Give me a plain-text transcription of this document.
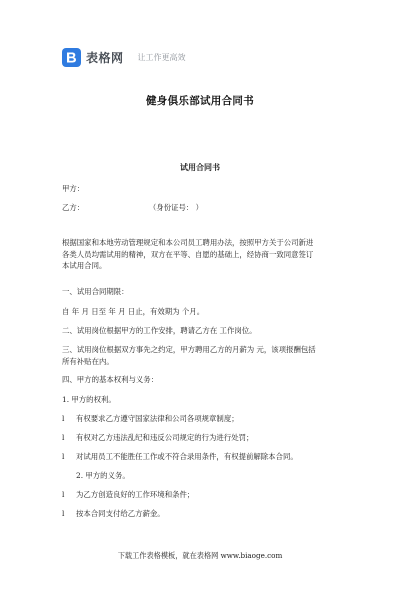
表格网 让工作更高效
健身俱乐部试用合同书
试用合同书
甲方：
乙方：	（身份证号： ）
根据国家和本地劳动管理规定和本公司员工聘用办法，按照甲方关于公司新进
各类人员均需试用的精神，双方在平等、自愿的基础上，经协商一致同意签订
本试用合同。
一、试用合同期限：
自 年 月 日至 年 月 日止，有效期为 个月。
二、试用岗位根据甲方的工作安排，聘请乙方在 工作岗位。
三、试用岗位根据双方事先之约定，甲方聘用乙方的月薪为 元，该项报酬包括
所有补贴在内。
四、甲方的基本权利与义务：
1. 甲方的权利。
l 有权要求乙方遵守国家法律和公司各项规章制度；
l 有权对乙方违法乱纪和违反公司规定的行为进行处罚；
l 对试用员工不能胜任工作或不符合录用条件，有权提前解除本合同。
2. 甲方的义务。
l 为乙方创造良好的工作环境和条件；
l 按本合同支付给乙方薪金。
下载工作表格模板，就在表格网 www.biaoge.com
